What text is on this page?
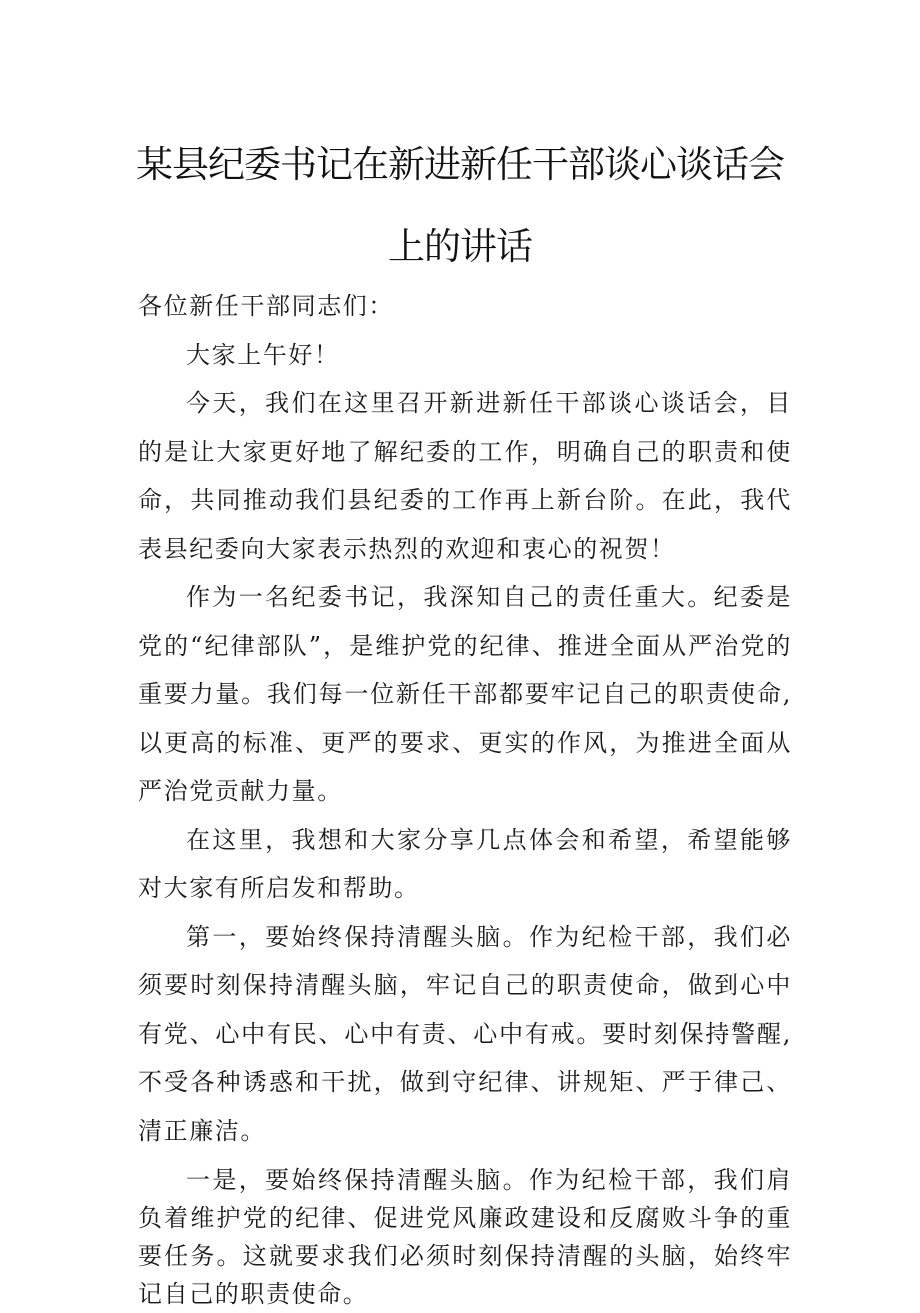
某县纪委书记在新进新任干部谈心谈话会
上的讲话

各位新任干部同志们：

大家上午好！

今天，我们在这里召开新进新任干部谈心谈话会，目的是让大家更好地了解纪委的工作，明确自己的职责和使命，共同推动我们县纪委的工作再上新台阶。在此，我代表县纪委向大家表示热烈的欢迎和衷心的祝贺！

作为一名纪委书记，我深知自己的责任重大。纪委是党的“纪律部队”，是维护党的纪律、推进全面从严治党的重要力量。我们每一位新任干部都要牢记自己的职责使命,以更高的标准、更严的要求、更实的作风，为推进全面从严治党贡献力量。

在这里，我想和大家分享几点体会和希望，希望能够对大家有所启发和帮助。

第一，要始终保持清醒头脑。作为纪检干部，我们必须要时刻保持清醒头脑，牢记自己的职责使命，做到心中有党、心中有民、心中有责、心中有戒。要时刻保持警醒,不受各种诱惑和干扰，做到守纪律、讲规矩、严于律己、清正廉洁。

一是，要始终保持清醒头脑。作为纪检干部，我们肩负着维护党的纪律、促进党风廉政建设和反腐败斗争的重要任务。这就要求我们必须时刻保持清醒的头脑，始终牢记自己的职责使命。
